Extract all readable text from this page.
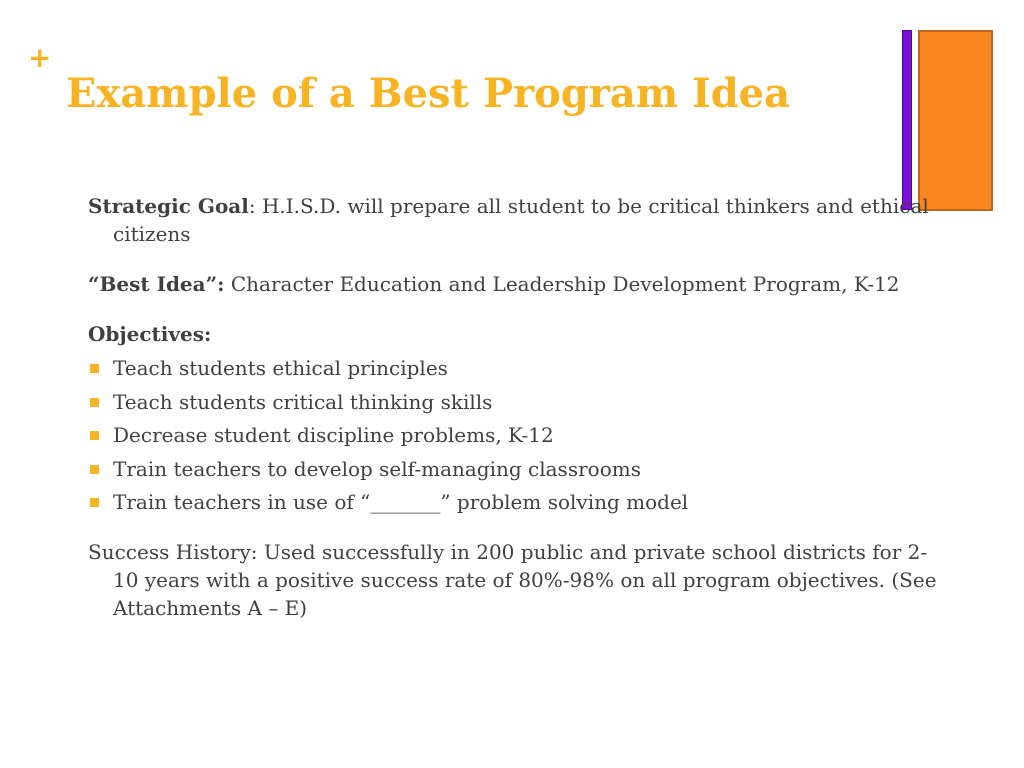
+
Example of a Best Program Idea

Strategic Goal: H.I.S.D. will prepare all student to be critical thinkers and ethical citizens

“Best Idea”: Character Education and Leadership Development Program, K-12

Objectives:

Teach students ethical principles
Teach students critical thinking skills
Decrease student discipline problems, K-12
Train teachers to develop self-managing classrooms
Train teachers in use of “_______” problem solving model

Success History: Used successfully in 200 public and private school districts for 2-10 years with a positive success rate of 80%-98% on all program objectives. (See Attachments A – E)
